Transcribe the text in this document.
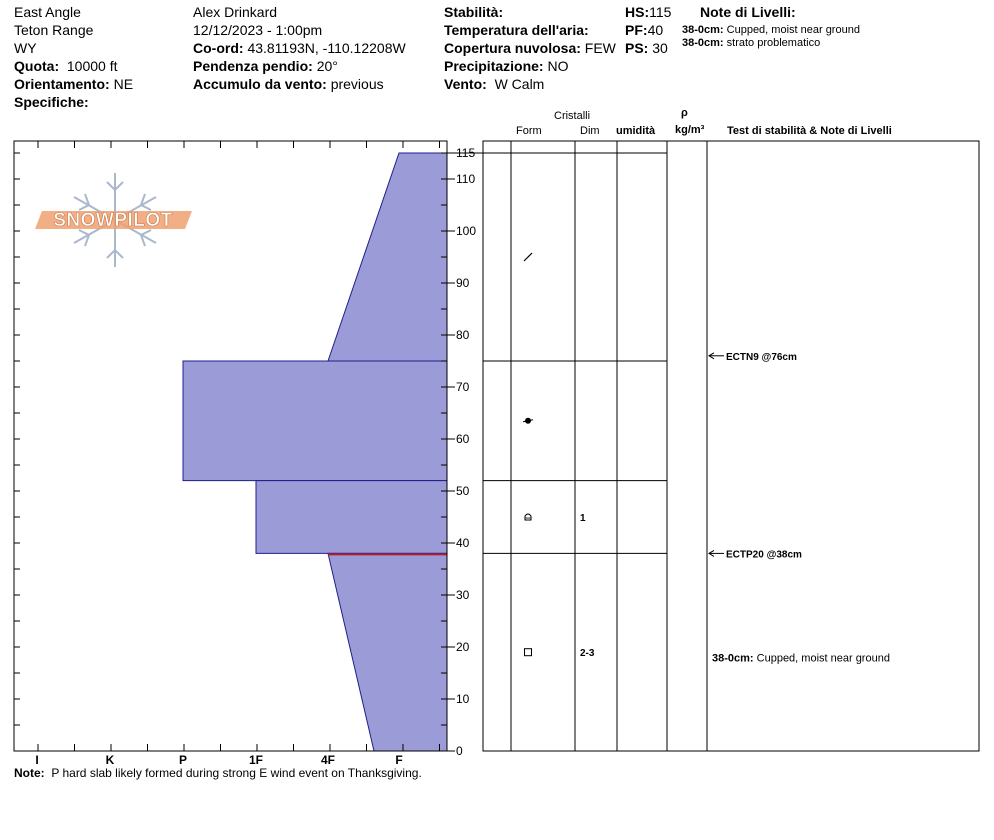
East Angle
Teton Range
WY
Quota: 10000 ft
Orientamento: NE
Specifiche:
Alex Drinkard
12/12/2023 - 1:00pm
Co-ord: 43.81193N, -110.12208W
Pendenza pendio: 20°
Accumulo da vento: previous
Stabilità:
Temperatura dell'aria:
Copertura nuvolosa: FEW
Precipitazione: NO
Vento: W Calm
HS:115
PF:40
PS: 30
Note di Livelli:
38-0cm: Cupped, moist near ground
38-0cm: strato problematico
Cristalli
Form	Dim umidità
ρ
kg/m³ Test di stabilità & Note di Livelli
SNOWPILOT
115
110
100
90
80
70
60
50
40
30
20
10
0
I	K	P	1F	4F	F
1
2-3
ECTN9 @76cm
ECTP20 @38cm
38-0cm: Cupped, moist near ground
Note: P hard slab likely formed during strong E wind event on Thanksgiving.
